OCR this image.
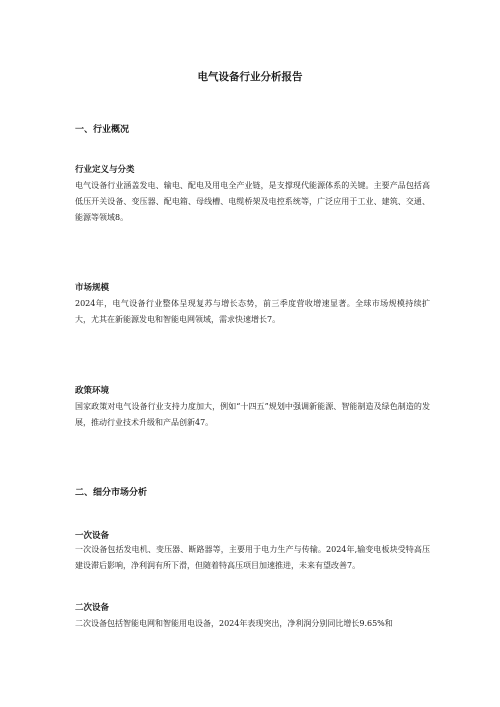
电气设备行业分析报告
一、行业概况
行业定义与分类

电气设备行业涵盖发电、输电、配电及用电全产业链，是支撑现代能源体系的关键。主要产品包括高低压开关设备、变压器、配电箱、母线槽、电缆桥架及电控系统等，广泛应用于工业、建筑、交通、能源等领域8。

市场规模

2024年，电气设备行业整体呈现复苏与增长态势，前三季度营收增速显著。全球市场规模持续扩大，尤其在新能源发电和智能电网领域，需求快速增长7。

政策环境

国家政策对电气设备行业支持力度加大，例如“十四五”规划中强调新能源、智能制造及绿色制造的发展，推动行业技术升级和产品创新47。

二、细分市场分析
一次设备

一次设备包括发电机、变压器、断路器等，主要用于电力生产与传输。2024年,输变电板块受特高压建设滞后影响，净利润有所下滑，但随着特高压项目加速推进，未来有望改善7。

二次设备

二次设备包括智能电网和智能用电设备，2024年表现突出，净利润分别同比增长9.65%和
